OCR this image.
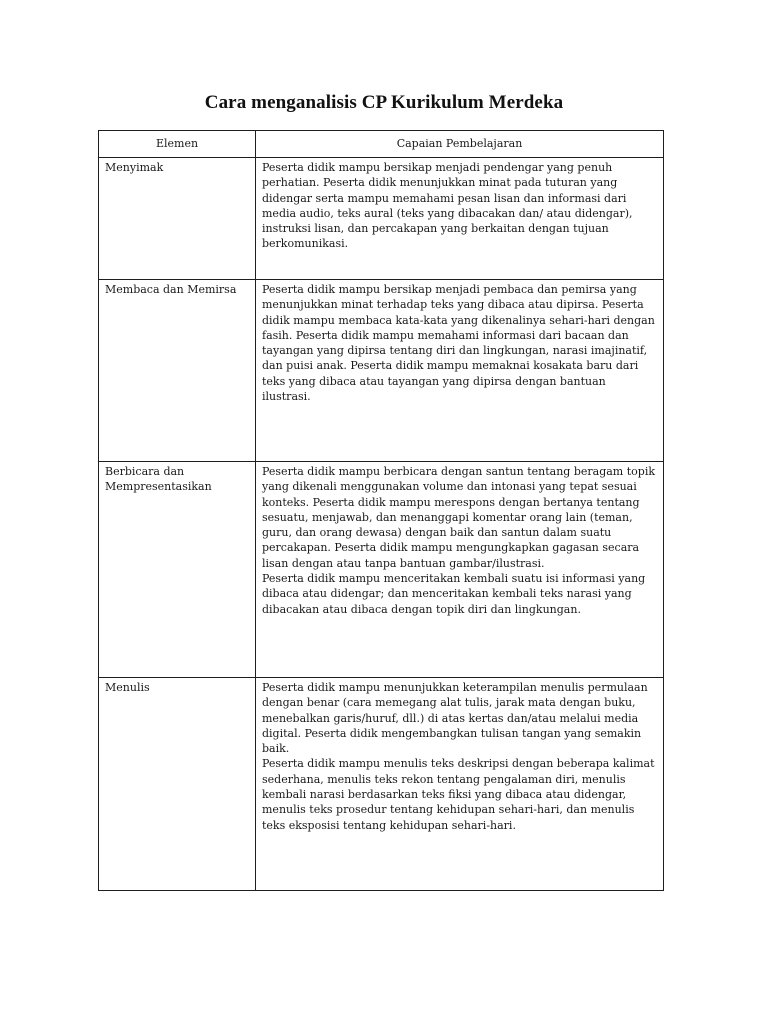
Cara menganalisis CP Kurikulum Merdeka
Elemen	Capaian Pembelajaran
Menyimak	Peserta didik mampu bersikap menjadi pendengar yang penuh perhatian. Peserta didik menunjukkan minat pada tuturan yang didengar serta mampu memahami pesan lisan dan informasi dari media audio, teks aural (teks yang dibacakan dan/ atau didengar), instruksi lisan, dan percakapan yang berkaitan dengan tujuan berkomunikasi.

Membaca dan Memirsa	Peserta didik mampu bersikap menjadi pembaca dan pemirsa yang menunjukkan minat terhadap teks yang dibaca atau dipirsa. Peserta didik mampu membaca kata-kata yang dikenalinya sehari-hari dengan fasih. Peserta didik mampu memahami informasi dari bacaan dan tayangan yang dipirsa tentang diri dan lingkungan, narasi imajinatif, dan puisi anak. Peserta didik mampu memaknai kosakata baru dari teks yang dibaca atau tayangan yang dipirsa dengan bantuan ilustrasi.

Berbicara dan Mempresentasikan	Peserta didik mampu berbicara dengan santun tentang beragam topik yang dikenali menggunakan volume dan intonasi yang tepat sesuai konteks. Peserta didik mampu merespons dengan bertanya tentang sesuatu, menjawab, dan menanggapi komentar orang lain (teman, guru, dan orang dewasa) dengan baik dan santun dalam suatu percakapan. Peserta didik mampu mengungkapkan gagasan secara lisan dengan atau tanpa bantuan gambar/ilustrasi.

Peserta didik mampu menceritakan kembali suatu isi informasi yang dibaca atau didengar; dan menceritakan kembali teks narasi yang dibacakan atau dibaca dengan topik diri dan lingkungan.

Menulis	Peserta didik mampu menunjukkan keterampilan menulis permulaan dengan benar (cara memegang alat tulis, jarak mata dengan buku, menebalkan garis/huruf, dll.) di atas kertas dan/atau melalui media digital. Peserta didik mengembangkan tulisan tangan yang semakin baik.

Peserta didik mampu menulis teks deskripsi dengan beberapa kalimat sederhana, menulis teks rekon tentang pengalaman diri, menulis kembali narasi berdasarkan teks fiksi yang dibaca atau didengar, menulis teks prosedur tentang kehidupan sehari-hari, dan menulis teks eksposisi tentang kehidupan sehari-hari.
